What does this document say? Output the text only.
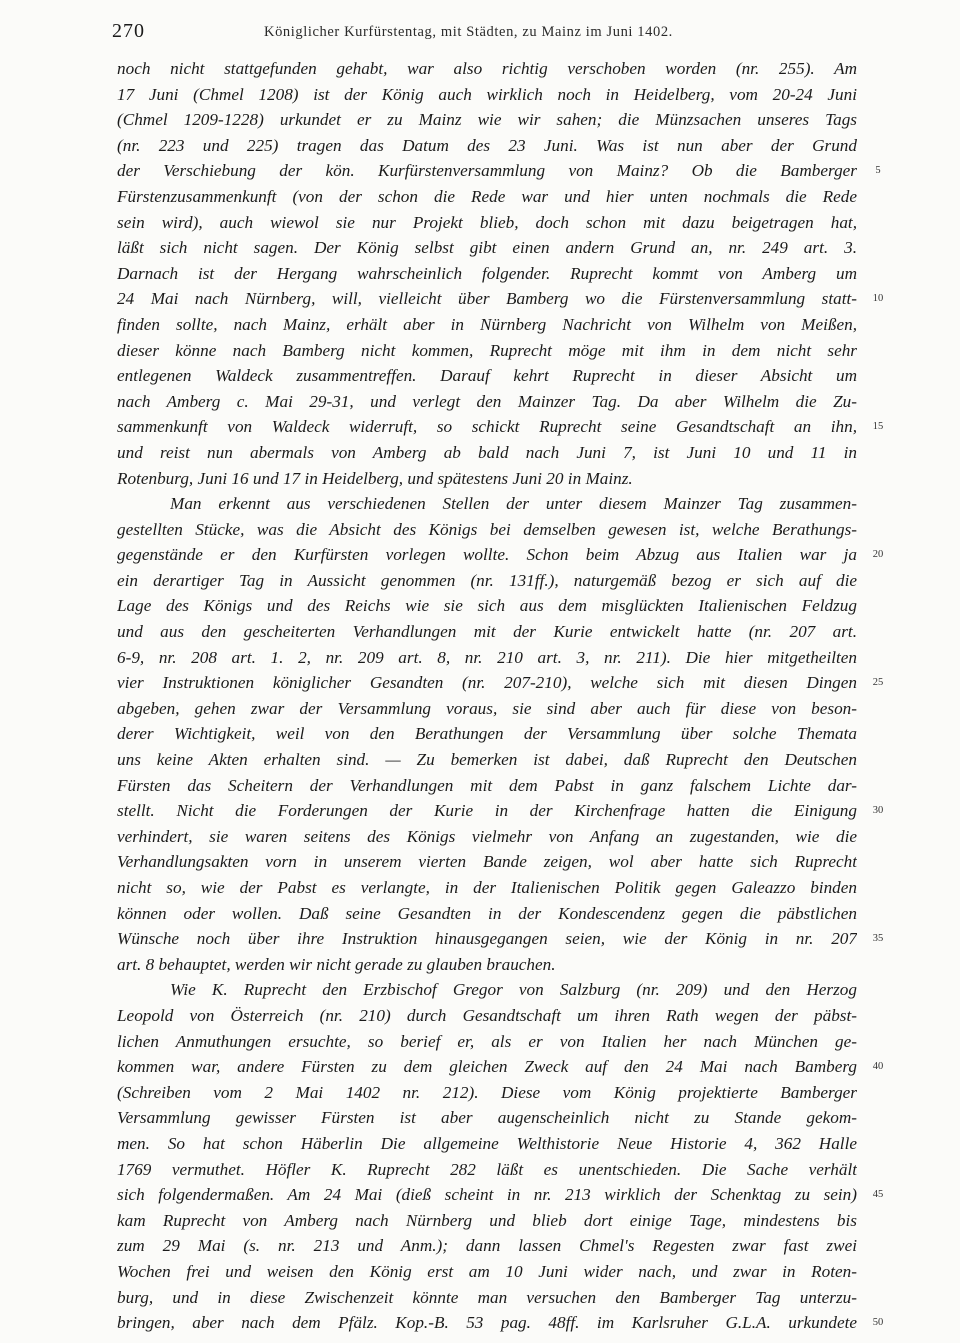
270	Königlicher Kurfürstentag, mit Städten, zu Mainz im Juni 1402.
noch nicht stattgefunden gehabt, war also richtig verschoben worden (nr. 255). Am
17 Juni (Chmel 1208) ist der König auch wirklich noch in Heidelberg, vom 20-24 Juni
(Chmel 1209-1228) urkundet er zu Mainz wie wir sahen; die Münzsachen unseres Tags
(nr. 223 und 225) tragen das Datum des 23 Juni. Was ist nun aber der Grund
der Verschiebung der kön. Kurfürstenversammlung von Mainz? Ob die Bamberger	5
Fürstenzusammenkunft (von der schon die Rede war und hier unten nochmals die Rede
sein wird), auch wiewol sie nur Projekt blieb, doch schon mit dazu beigetragen hat,
läßt sich nicht sagen. Der König selbst gibt einen andern Grund an, nr. 249 art. 3.
Darnach ist der Hergang wahrscheinlich folgender. Ruprecht kommt von Amberg um
24 Mai nach Nürnberg, will, vielleicht über Bamberg wo die Fürstenversammlung statt-	10
finden sollte, nach Mainz, erhält aber in Nürnberg Nachricht von Wilhelm von Meißen,
dieser könne nach Bamberg nicht kommen, Ruprecht möge mit ihm in dem nicht sehr
entlegenen Waldeck zusammentreffen. Darauf kehrt Ruprecht in dieser Absicht um
nach Amberg c. Mai 29-31, und verlegt den Mainzer Tag. Da aber Wilhelm die Zu-
sammenkunft von Waldeck widerruft, so schickt Ruprecht seine Gesandtschaft an ihn,	15
und reist nun abermals von Amberg ab bald nach Juni 7, ist Juni 10 und 11 in
Rotenburg, Juni 16 und 17 in Heidelberg, und spätestens Juni 20 in Mainz.
Man erkennt aus verschiedenen Stellen der unter diesem Mainzer Tag zusammen-
gestellten Stücke, was die Absicht des Königs bei demselben gewesen ist, welche Berathungs-
gegenstände er den Kurfürsten vorlegen wollte. Schon beim Abzug aus Italien war ja	20
ein derartiger Tag in Aussicht genommen (nr. 131ff.), naturgemäß bezog er sich auf die
Lage des Königs und des Reichs wie sie sich aus dem misglückten Italienischen Feldzug
und aus den gescheiterten Verhandlungen mit der Kurie entwickelt hatte (nr. 207 art.
6-9, nr. 208 art. 1. 2, nr. 209 art. 8, nr. 210 art. 3, nr. 211). Die hier mitgetheilten
vier Instruktionen königlicher Gesandten (nr. 207-210), welche sich mit diesen Dingen	25
abgeben, gehen zwar der Versammlung voraus, sie sind aber auch für diese von beson-
derer Wichtigkeit, weil von den Berathungen der Versammlung über solche Themata
uns keine Akten erhalten sind. — Zu bemerken ist dabei, daß Ruprecht den Deutschen
Fürsten das Scheitern der Verhandlungen mit dem Pabst in ganz falschem Lichte dar-
stellt. Nicht die Forderungen der Kurie in der Kirchenfrage hatten die Einigung	30
verhindert, sie waren seitens des Königs vielmehr von Anfang an zugestanden, wie die
Verhandlungsakten vorn in unserem vierten Bande zeigen, wol aber hatte sich Ruprecht
nicht so, wie der Pabst es verlangte, in der Italienischen Politik gegen Galeazzo binden
können oder wollen. Daß seine Gesandten in der Kondescendenz gegen die päbstlichen
Wünsche noch über ihre Instruktion hinausgegangen seien, wie der König in nr. 207	35
art. 8 behauptet, werden wir nicht gerade zu glauben brauchen.
Wie K. Ruprecht den Erzbischof Gregor von Salzburg (nr. 209) und den Herzog
Leopold von Österreich (nr. 210) durch Gesandtschaft um ihren Rath wegen der päbst-
lichen Anmuthungen ersuchte, so berief er, als er von Italien her nach München ge-
kommen war, andere Fürsten zu dem gleichen Zweck auf den 24 Mai nach Bamberg	40
(Schreiben vom 2 Mai 1402 nr. 212). Diese vom König projektierte Bamberger
Versammlung gewisser Fürsten ist aber augenscheinlich nicht zu Stande gekom-
men. So hat schon Häberlin Die allgemeine Welthistorie Neue Historie 4, 362 Halle
1769 vermuthet. Höfler K. Ruprecht 282 läßt es unentschieden. Die Sache verhält
sich folgendermaßen. Am 24 Mai (dieß scheint in nr. 213 wirklich der Schenktag zu sein)	45
kam Ruprecht von Amberg nach Nürnberg und blieb dort einige Tage, mindestens bis
zum 29 Mai (s. nr. 213 und Anm.); dann lassen Chmel's Regesten zwar fast zwei
Wochen frei und weisen den König erst am 10 Juni wider nach, und zwar in Roten-
burg, und in diese Zwischenzeit könnte man versuchen den Bamberger Tag unterzu-
bringen, aber nach dem Pfälz. Kop.-B. 53 pag. 48ff. im Karlsruher G.L.A. urkundete	50
